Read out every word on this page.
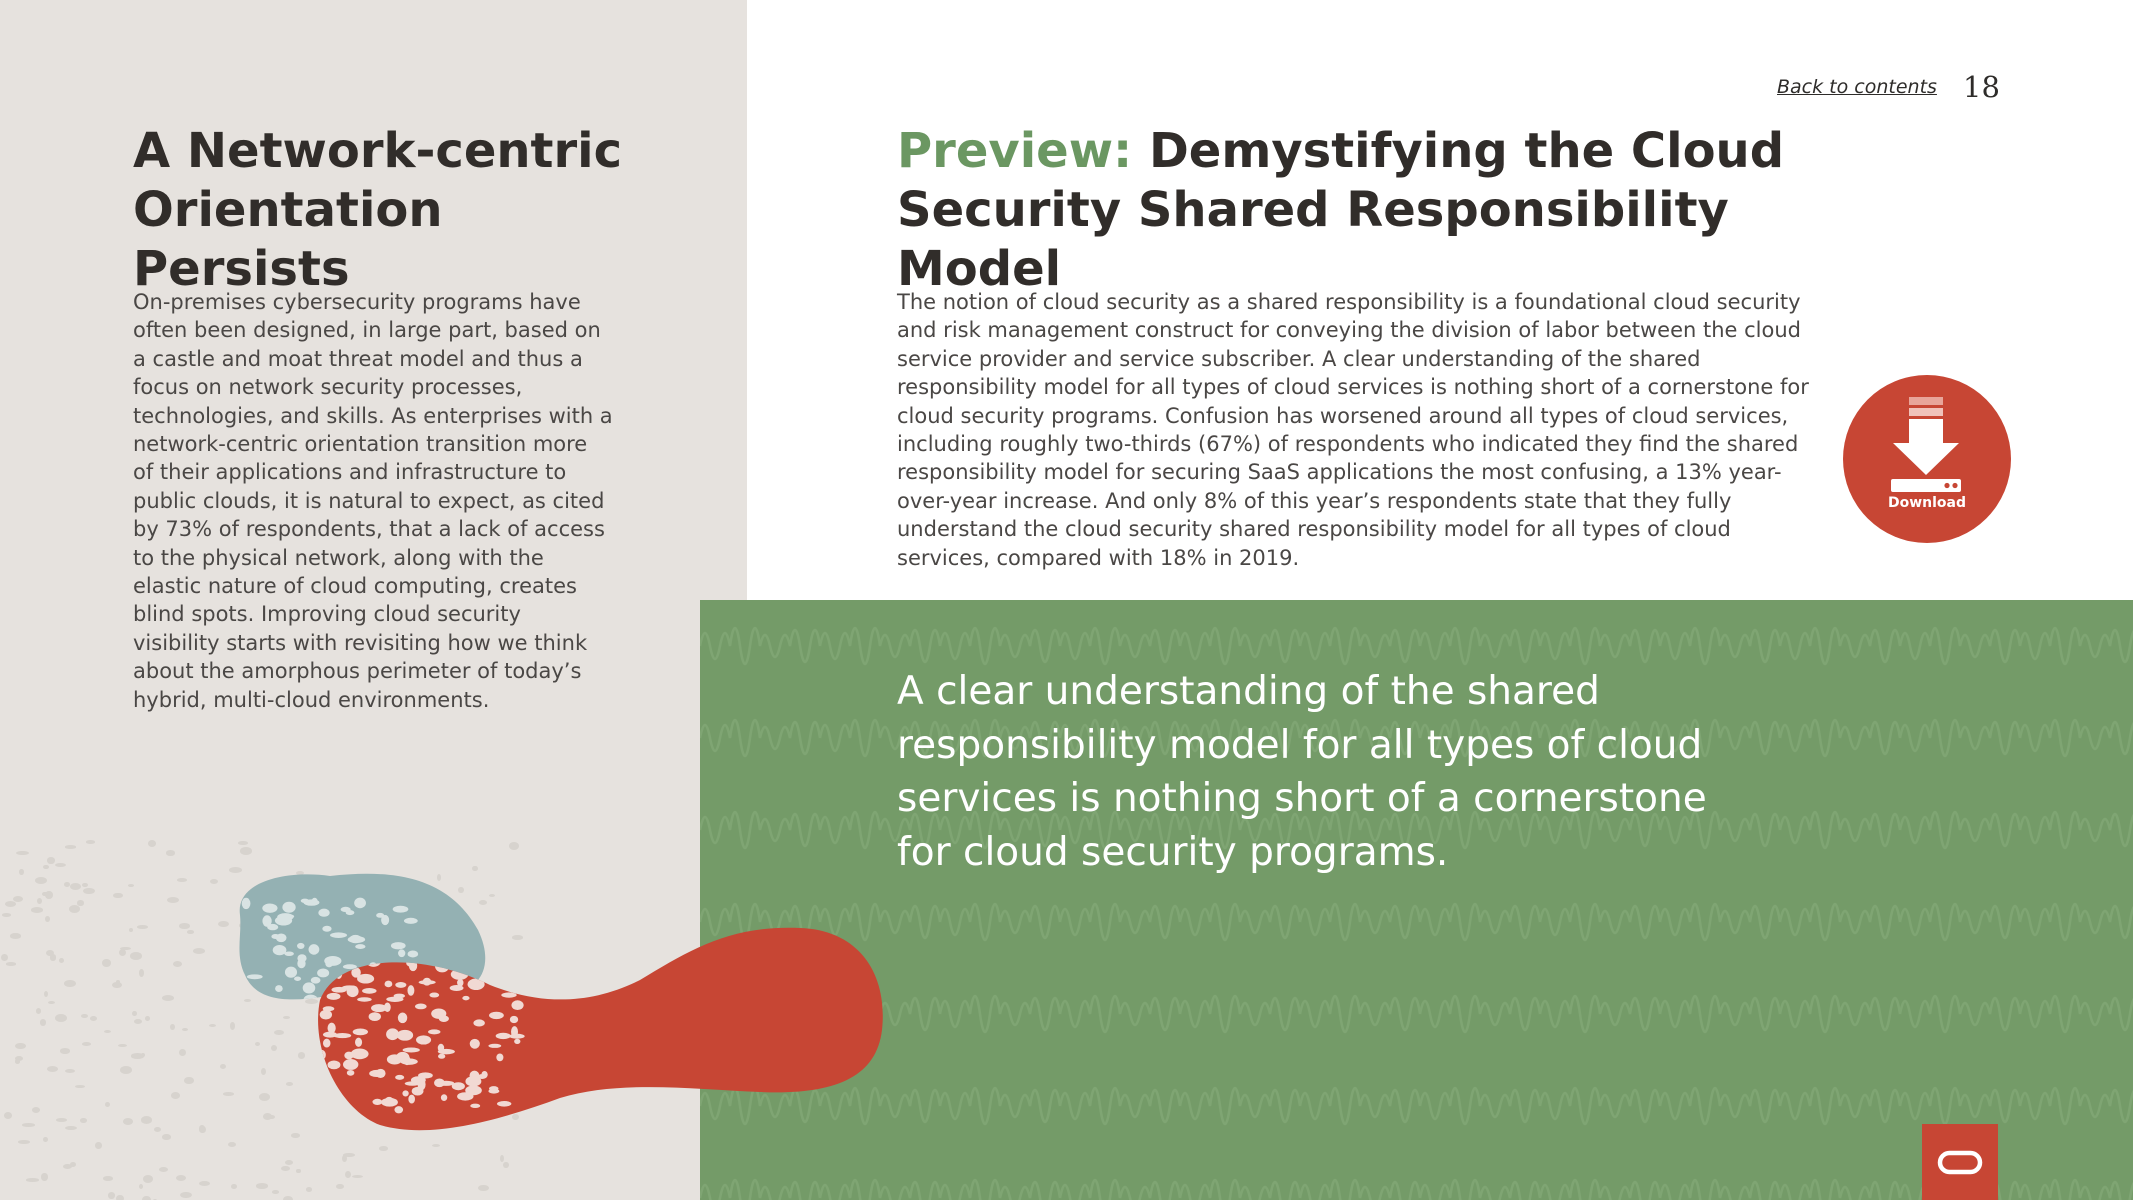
Back to contents 18
A Network-centric Orientation Persists

On-premises cybersecurity programs have often been designed, in large part, based on a castle and moat threat model and thus a focus on network security processes, technologies, and skills. As enterprises with a network-centric orientation transition more of their applications and infrastructure to public clouds, it is natural to expect, as cited by 73% of respondents, that a lack of access to the physical network, along with the elastic nature of cloud computing, creates blind spots. Improving cloud security visibility starts with revisiting how we think about the amorphous perimeter of today’s hybrid, multi-cloud environments.

Preview: Demystifying the Cloud Security Shared Responsibility Model

The notion of cloud security as a shared responsibility is a foundational cloud security and risk management construct for conveying the division of labor between the cloud service provider and service subscriber. A clear understanding of the shared responsibility model for all types of cloud services is nothing short of a cornerstone for cloud security programs. Confusion has worsened around all types of cloud services, including roughly two-thirds (67%) of respondents who indicated they find the shared responsibility model for securing SaaS applications the most confusing, a 13% year-over-year increase. And only 8% of this year’s respondents state that they fully understand the cloud security shared responsibility model for all types of cloud services, compared with 18% in 2019.

Download

A clear understanding of the shared responsibility model for all types of cloud services is nothing short of a cornerstone for cloud security programs.
